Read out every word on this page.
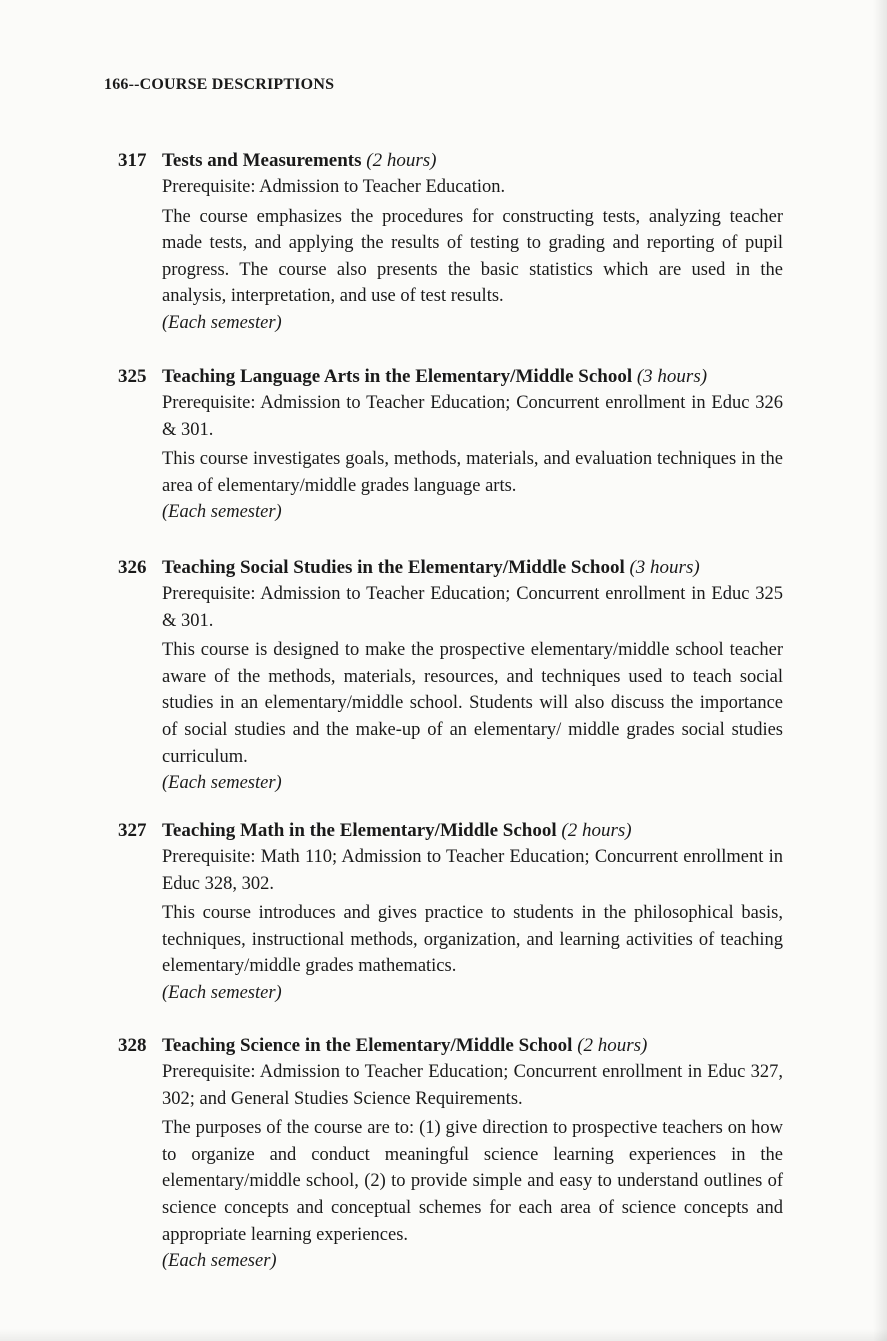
166--COURSE DESCRIPTIONS
317 Tests and Measurements (2 hours)

Prerequisite: Admission to Teacher Education.

The course emphasizes the procedures for constructing tests, analyzing teacher made tests, and applying the results of testing to grading and reporting of pupil progress. The course also presents the basic statistics which are used in the analysis, interpretation, and use of test results.

(Each semester)

325 Teaching Language Arts in the Elementary/Middle School (3 hours)

Prerequisite: Admission to Teacher Education; Concurrent enrollment in Educ 326 & 301.

This course investigates goals, methods, materials, and evaluation techniques in the area of elementary/middle grades language arts.

(Each semester)

326 Teaching Social Studies in the Elementary/Middle School (3 hours)

Prerequisite: Admission to Teacher Education; Concurrent enrollment in Educ 325 & 301.

This course is designed to make the prospective elementary/middle school teacher aware of the methods, materials, resources, and techniques used to teach social studies in an elementary/middle school. Students will also discuss the importance of social studies and the make-up of an elementary/ middle grades social studies curriculum.

(Each semester)

327 Teaching Math in the Elementary/Middle School (2 hours)

Prerequisite: Math 110; Admission to Teacher Education; Concurrent enrollment in Educ 328, 302.

This course introduces and gives practice to students in the philosophical basis, techniques, instructional methods, organization, and learning activities of teaching elementary/middle grades mathematics.

(Each semester)

328 Teaching Science in the Elementary/Middle School (2 hours)

Prerequisite: Admission to Teacher Education; Concurrent enrollment in Educ 327, 302; and General Studies Science Requirements.

The purposes of the course are to: (1) give direction to prospective teachers on how to organize and conduct meaningful science learning experiences in the elementary/middle school, (2) to provide simple and easy to understand outlines of science concepts and conceptual schemes for each area of science concepts and appropriate learning experiences.

(Each semeser)
